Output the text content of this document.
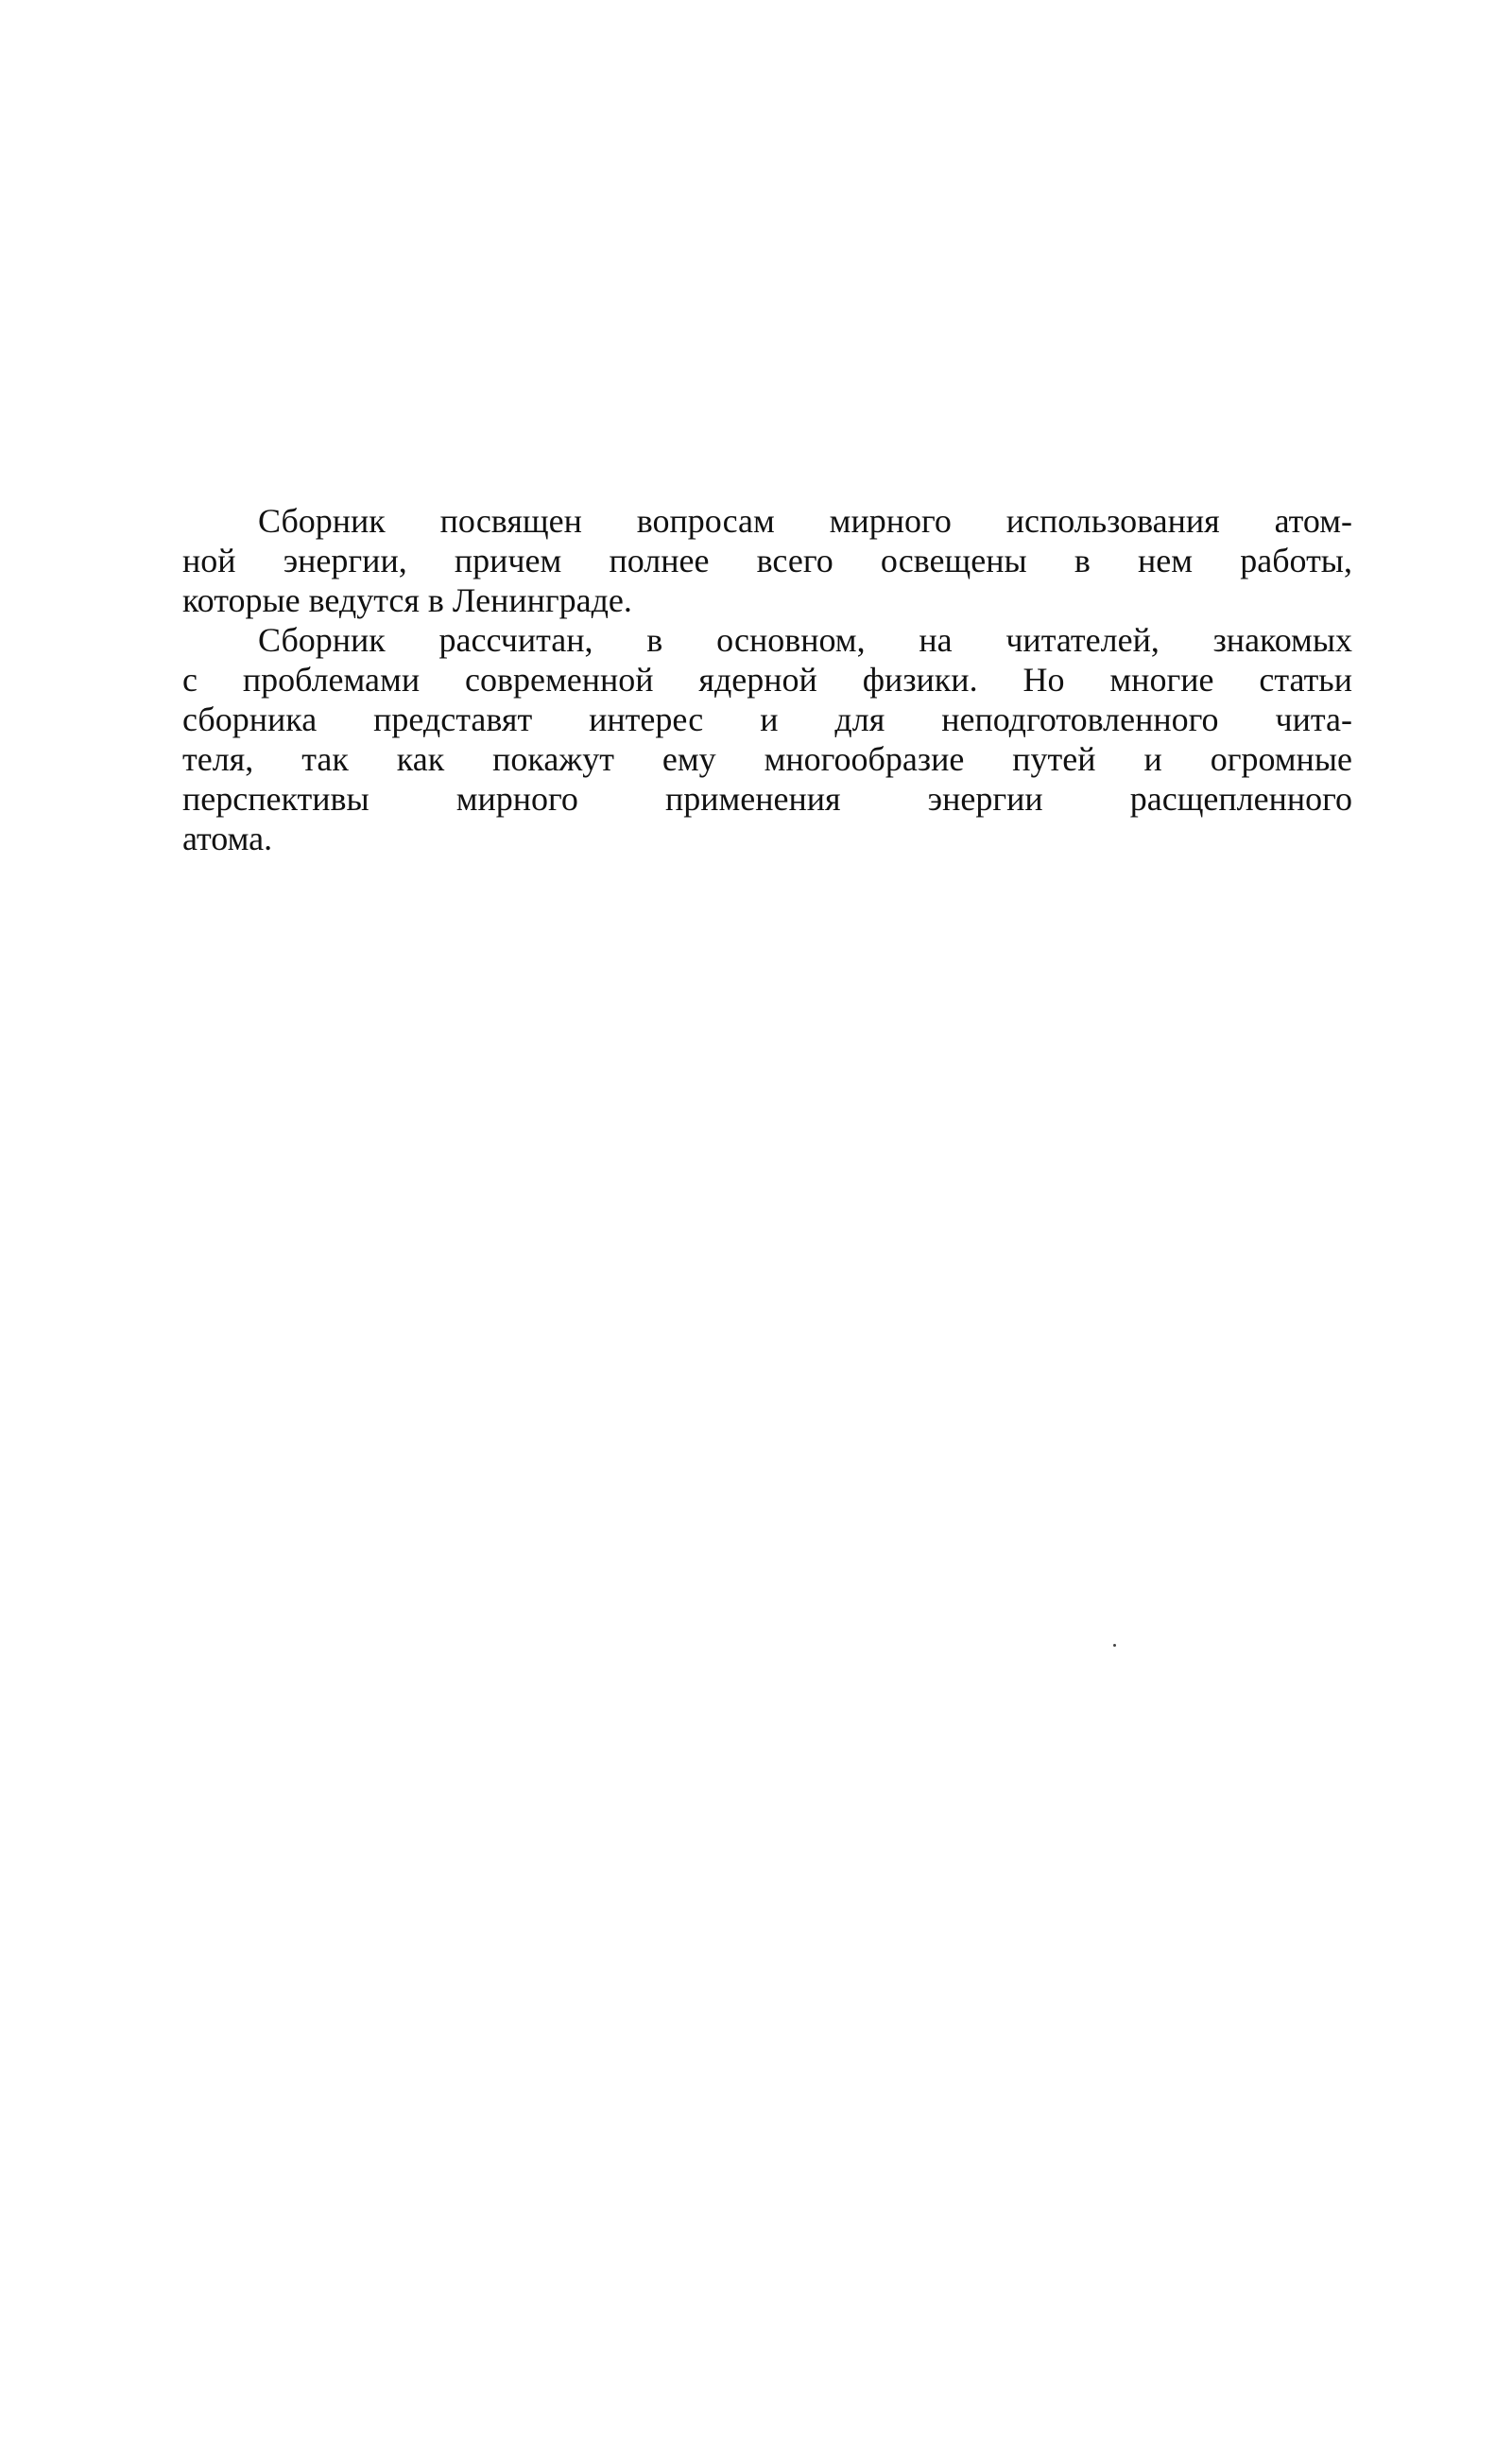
Сборник посвящен вопросам мирного использования атом-
ной энергии, причем полнее всего освещены в нем работы,
которые ведутся в Ленинграде.
Сборник рассчитан, в основном, на читателей, знакомых
с проблемами современной ядерной физики. Но многие статьи
сборника представят интерес и для неподготовленного чита-
теля, так как покажут ему многообразие путей и огромные
перспективы мирного применения энергии расщепленного
атома.
